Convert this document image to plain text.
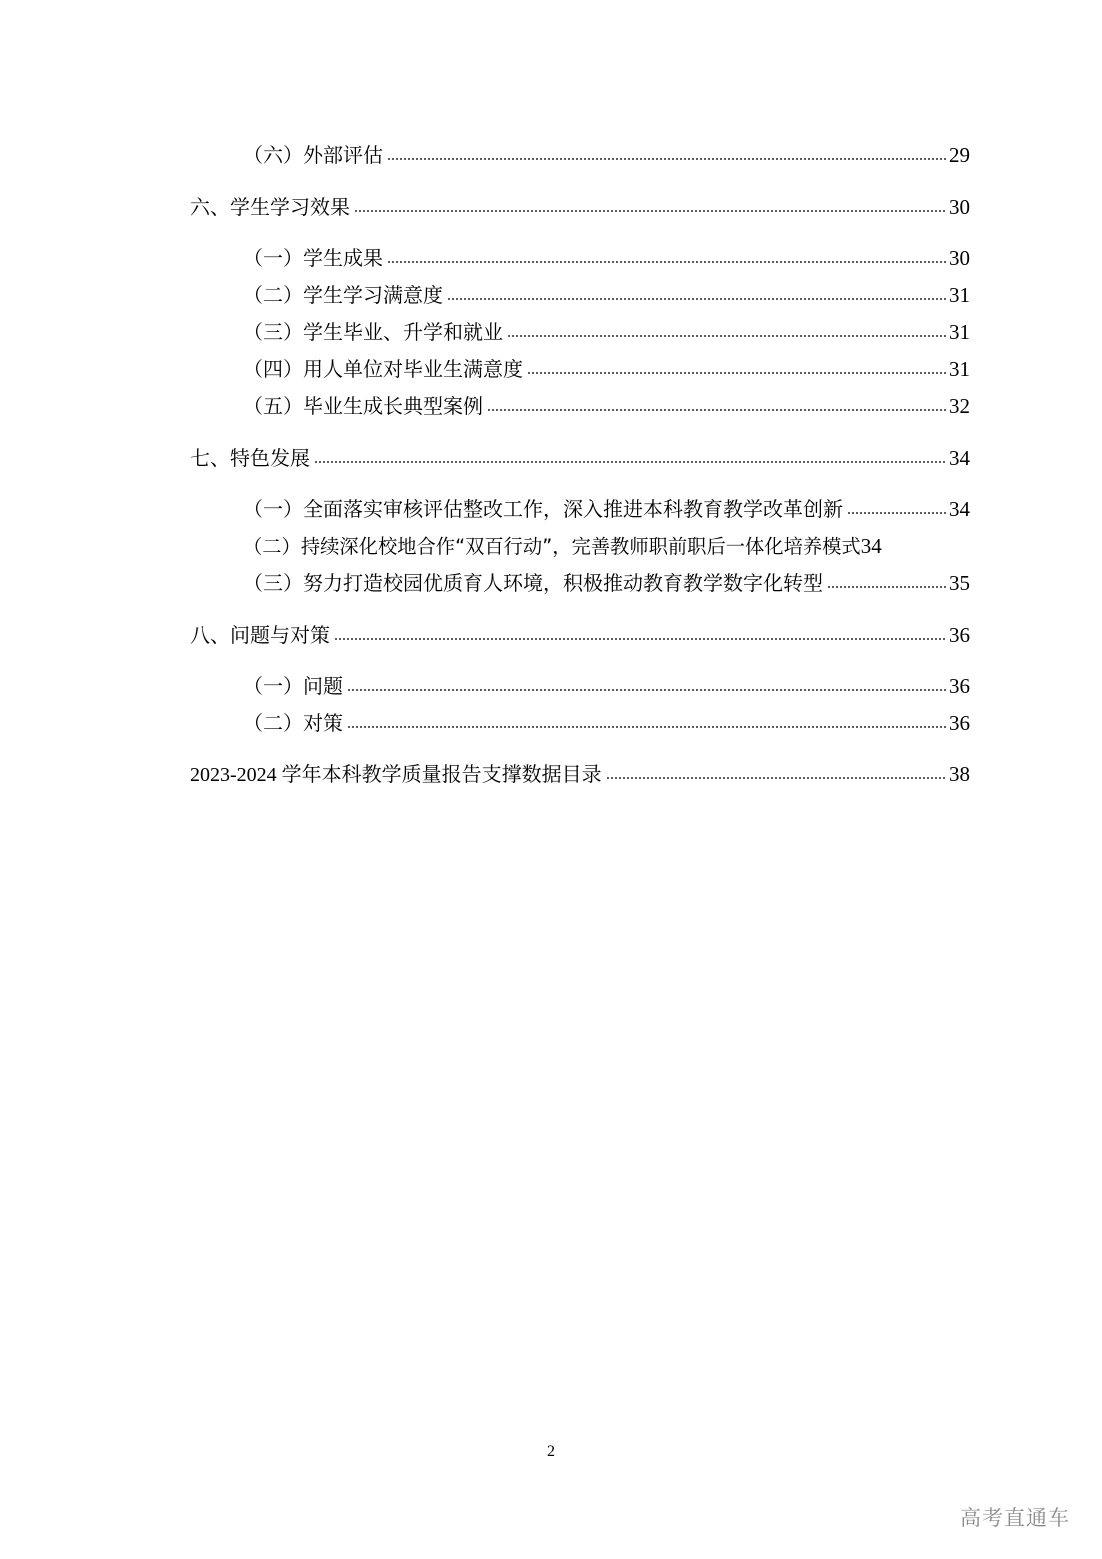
（六）外部评估	29
六、学生学习效果	30
（一）学生成果	30
（二）学生学习满意度	31
（三）学生毕业、升学和就业	31
（四）用人单位对毕业生满意度	31
（五）毕业生成长典型案例	32
七、特色发展	34
（一）全面落实审核评估整改工作，深入推进本科教育教学改革创新	34
（二）持续深化校地合作“双百行动”，完善教师职前职后一体化培养模式 34
（三）努力打造校园优质育人环境，积极推动教育教学数字化转型	35
八、问题与对策	36
（一）问题	36
（二）对策	36
2023-2024 学年本科教学质量报告支撑数据目录	38
2
高考直通车
